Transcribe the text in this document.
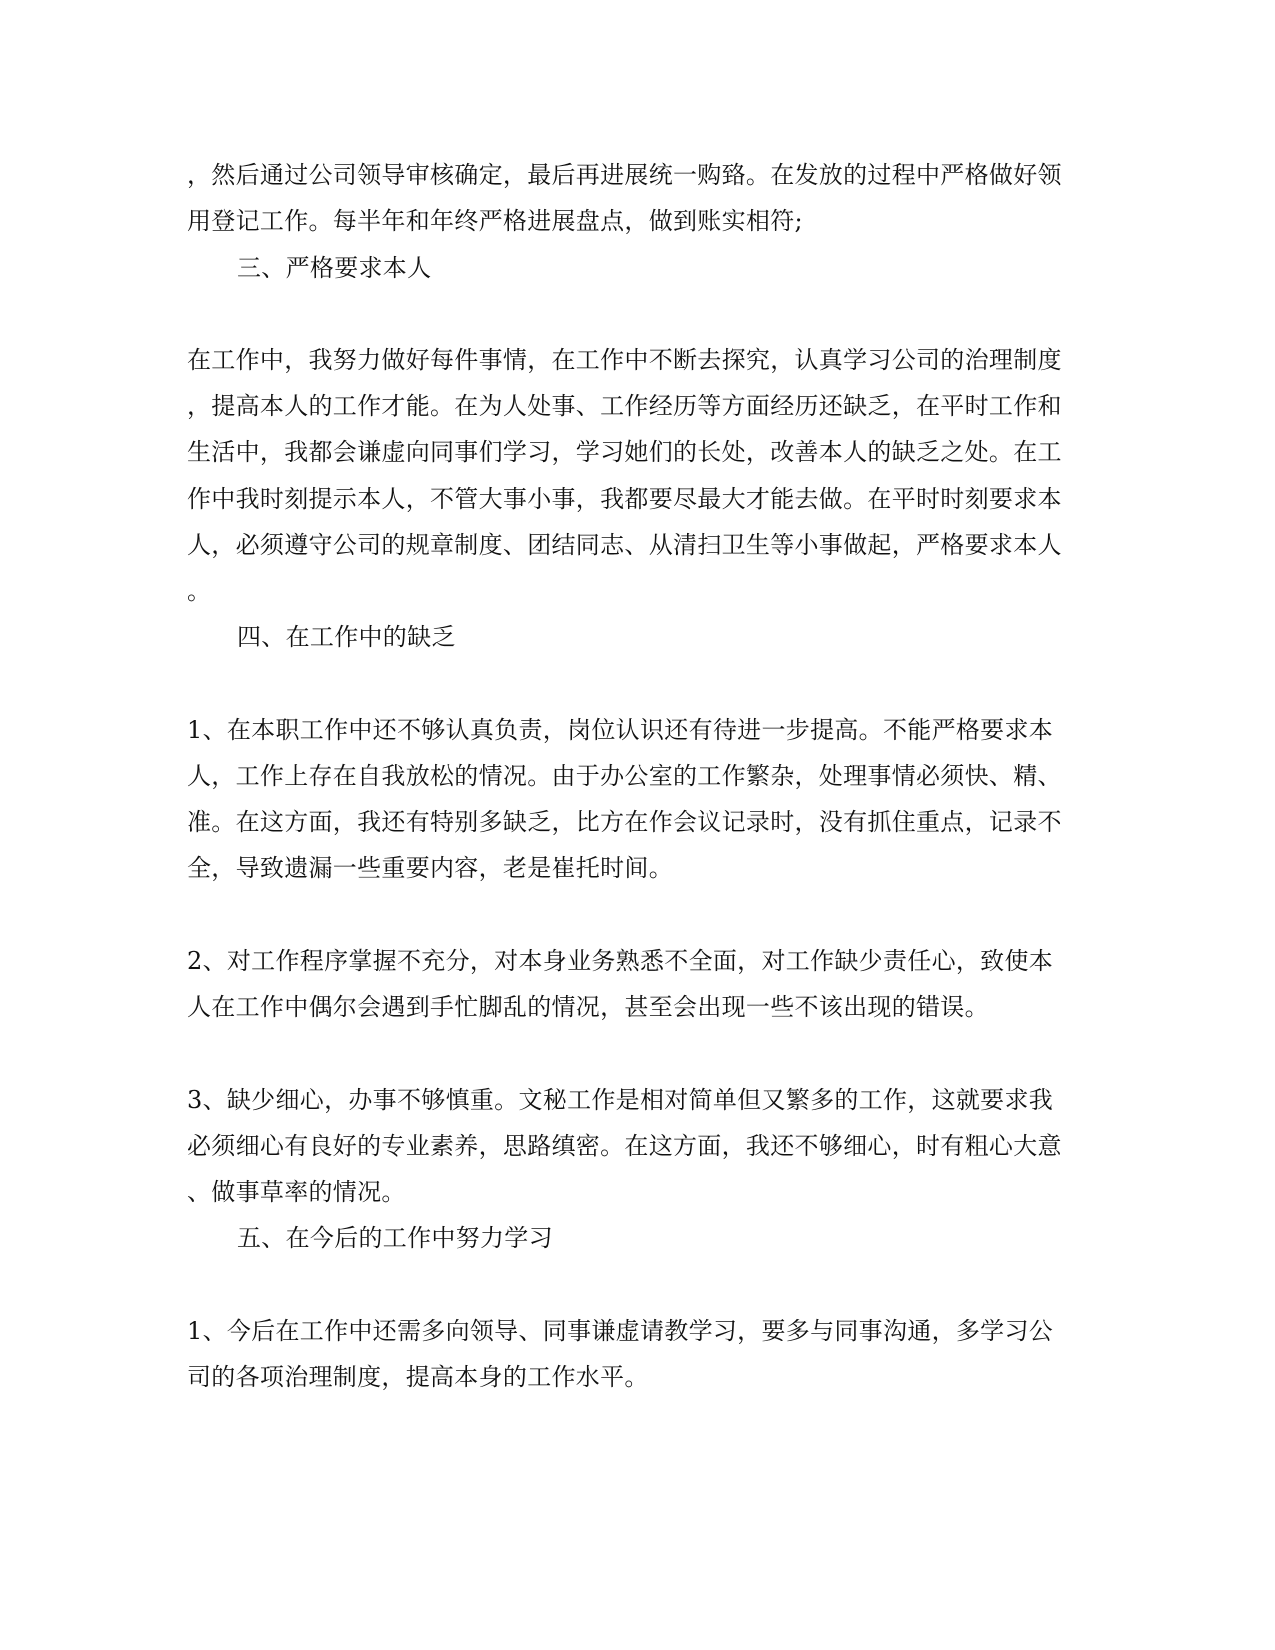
，然后通过公司领导审核确定，最后再进展统一购臵。在发放的过程中严格做好领
用登记工作。每半年和年终严格进展盘点，做到账实相符;
三、严格要求本人
在工作中，我努力做好每件事情，在工作中不断去探究，认真学习公司的治理制度
，提高本人的工作才能。在为人处事、工作经历等方面经历还缺乏，在平时工作和
生活中，我都会谦虚向同事们学习，学习她们的长处，改善本人的缺乏之处。在工
作中我时刻提示本人，不管大事小事，我都要尽最大才能去做。在平时时刻要求本
人，必须遵守公司的规章制度、团结同志、从清扫卫生等小事做起，严格要求本人
。
四、在工作中的缺乏
1、在本职工作中还不够认真负责，岗位认识还有待进一步提高。不能严格要求本
人，工作上存在自我放松的情况。由于办公室的工作繁杂，处理事情必须快、精、
准。在这方面，我还有特别多缺乏，比方在作会议记录时，没有抓住重点，记录不
全，导致遗漏一些重要内容，老是崔托时间。
2、对工作程序掌握不充分，对本身业务熟悉不全面，对工作缺少责任心，致使本
人在工作中偶尔会遇到手忙脚乱的情况，甚至会出现一些不该出现的错误。
3、缺少细心，办事不够慎重。文秘工作是相对简单但又繁多的工作，这就要求我
必须细心有良好的专业素养，思路缜密。在这方面，我还不够细心，时有粗心大意
、做事草率的情况。
五、在今后的工作中努力学习
1、今后在工作中还需多向领导、同事谦虚请教学习，要多与同事沟通，多学习公
司的各项治理制度，提高本身的工作水平。
